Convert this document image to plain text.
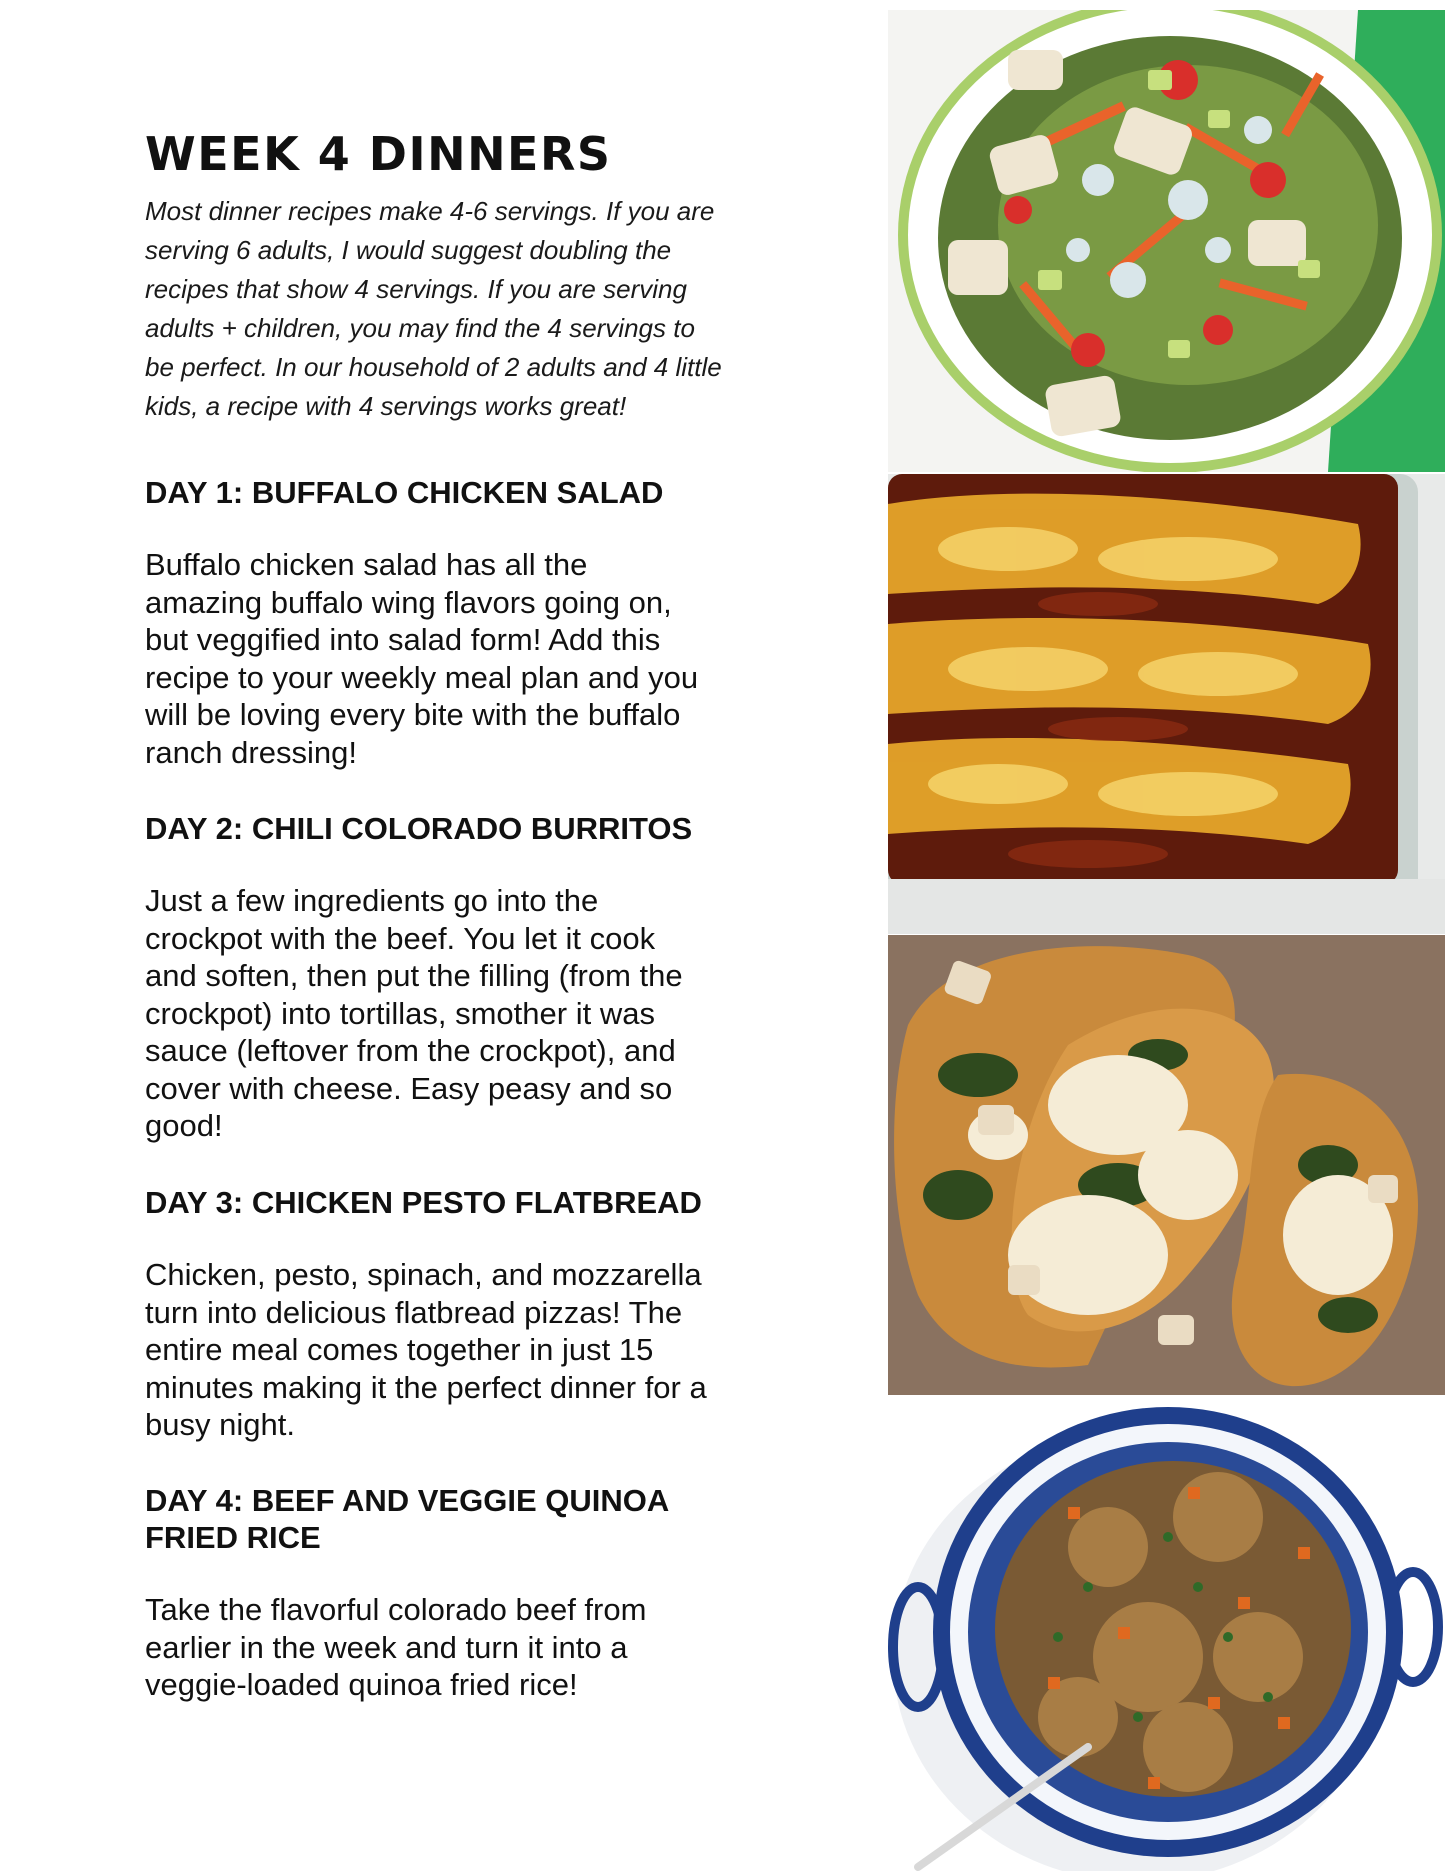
WEEK 4 DINNERS

Most dinner recipes make 4-6 servings. If you are serving 6 adults, I would suggest doubling the recipes that show 4 servings. If you are serving adults + children, you may find the 4 servings to be perfect. In our household of 2 adults and 4 little kids, a recipe with 4 servings works great!

DAY 1: BUFFALO CHICKEN SALAD

Buffalo chicken salad has all the amazing buffalo wing flavors going on, but veggified into salad form! Add this recipe to your weekly meal plan and you will be loving every bite with the buffalo ranch dressing!

DAY 2: CHILI COLORADO BURRITOS

Just a few ingredients go into the crockpot with the beef. You let it cook and soften, then put the filling (from the crockpot) into tortillas, smother it was sauce (leftover from the crockpot), and cover with cheese. Easy peasy and so good!

DAY 3: CHICKEN PESTO FLATBREAD

Chicken, pesto, spinach, and mozzarella turn into delicious flatbread pizzas! The entire meal comes together in just 15 minutes making it the perfect dinner for a busy night.

DAY 4: BEEF AND VEGGIE QUINOA FRIED RICE

Take the flavorful colorado beef from earlier in the week and turn it into a veggie-loaded quinoa fried rice!
